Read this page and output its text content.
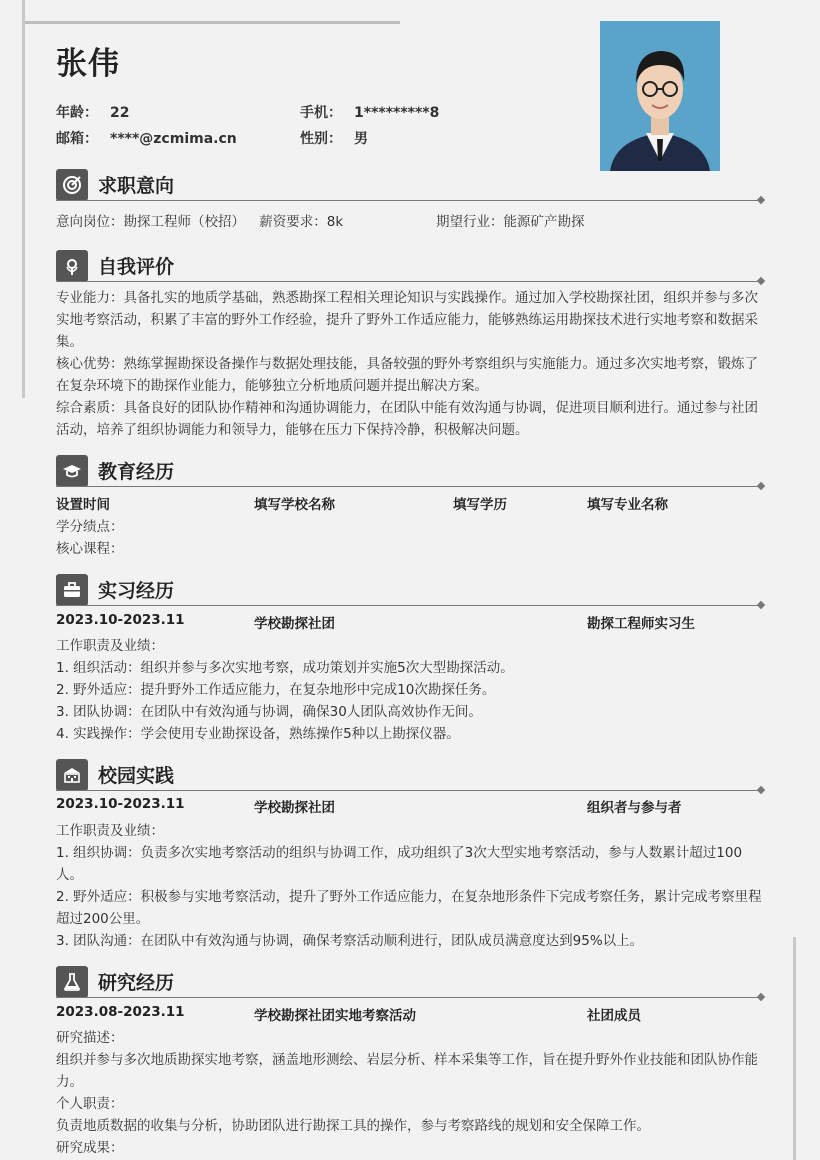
张伟
年龄： 22	手机： 1*********8
邮箱： ****@zcmima.cn	性别： 男
求职意向
意向岗位：勘探工程师（校招） 薪资要求：8k	期望行业：能源矿产勘探
自我评价
专业能力：具备扎实的地质学基础，熟悉勘探工程相关理论知识与实践操作。通过加入学校勘探社团，组织并参与多次实地考察活动，积累了丰富的野外工作经验，提升了野外工作适应能力，能够熟练运用勘探技术进行实地考察和数据采集。
核心优势：熟练掌握勘探设备操作与数据处理技能，具备较强的野外考察组织与实施能力。通过多次实地考察，锻炼了在复杂环境下的勘探作业能力，能够独立分析地质问题并提出解决方案。
综合素质：具备良好的团队协作精神和沟通协调能力，在团队中能有效沟通与协调，促进项目顺利进行。通过参与社团活动，培养了组织协调能力和领导力，能够在压力下保持冷静，积极解决问题。
教育经历
设置时间	填写学校名称	填写学历	填写专业名称
学分绩点：
核心课程：
实习经历
2023.10-2023.11	学校勘探社团	勘探工程师实习生
工作职责及业绩：
1. 组织活动：组织并参与多次实地考察，成功策划并实施5次大型勘探活动。
2. 野外适应：提升野外工作适应能力，在复杂地形中完成10次勘探任务。
3. 团队协调：在团队中有效沟通与协调，确保30人团队高效协作无间。
4. 实践操作：学会使用专业勘探设备，熟练操作5种以上勘探仪器。
校园实践
2023.10-2023.11	学校勘探社团	组织者与参与者
工作职责及业绩：
1. 组织协调：负责多次实地考察活动的组织与协调工作，成功组织了3次大型实地考察活动，参与人数累计超过100人。
2. 野外适应：积极参与实地考察活动，提升了野外工作适应能力，在复杂地形条件下完成考察任务，累计完成考察里程超过200公里。
3. 团队沟通：在团队中有效沟通与协调，确保考察活动顺利进行，团队成员满意度达到95%以上。
研究经历
2023.08-2023.11	学校勘探社团实地考察活动	社团成员
研究描述：
组织并参与多次地质勘探实地考察，涵盖地形测绘、岩层分析、样本采集等工作，旨在提升野外作业技能和团队协作能力。
个人职责：
负责地质数据的收集与分析，协助团队进行勘探工具的操作，参与考察路线的规划和安全保障工作。
研究成果：
